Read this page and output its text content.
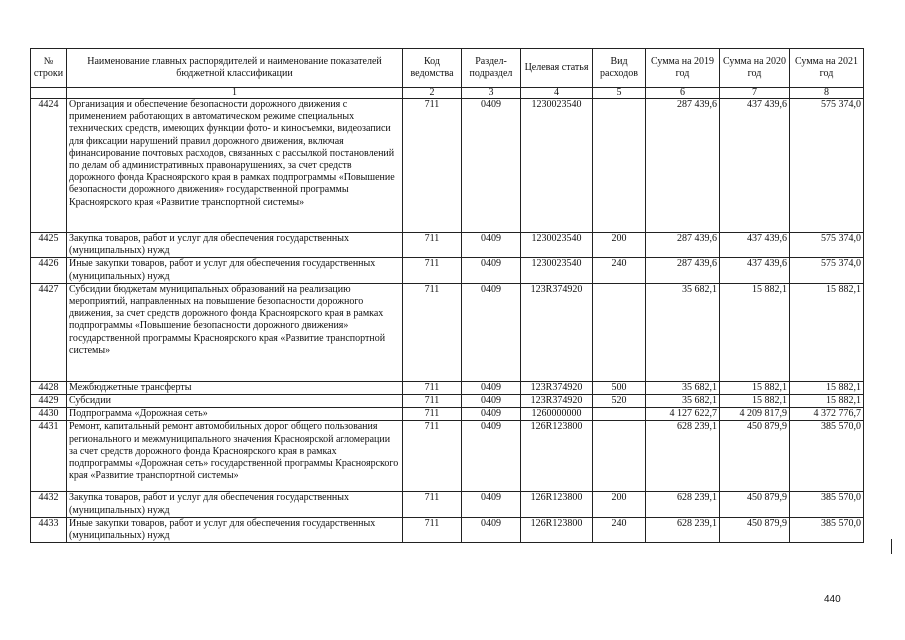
№ строки	Наименование главных распорядителей и наименование показателей бюджетной классификации	Код ведомства	Раздел-подраздел	Целевая статья	Вид расходов	Сумма на 2019 год	Сумма на 2020 год	Сумма на 2021 год
	1	2	3	4	5	6	7	8
4424	Организация и обеспечение безопасности дорожного движения с применением работающих в автоматическом режиме специальных технических средств, имеющих функции фото- и киносъемки, видеозаписи для фиксации нарушений правил дорожного движения, включая финансирование почтовых расходов, связанных с рассылкой постановлений по делам об административных правонарушениях, за счет средств дорожного фонда Красноярского края в рамках подпрограммы «Повышение безопасности дорожного движения» государственной программы Красноярского края «Развитие транспортной системы»	711	0409	1230023540		287 439,6	437 439,6	575 374,0
4425	Закупка товаров, работ и услуг для обеспечения государственных (муниципальных) нужд	711	0409	1230023540	200	287 439,6	437 439,6	575 374,0
4426	Иные закупки товаров, работ и услуг для обеспечения государственных (муниципальных) нужд	711	0409	1230023540	240	287 439,6	437 439,6	575 374,0
4427	Субсидии бюджетам муниципальных образований на реализацию мероприятий, направленных на повышение безопасности дорожного движения, за счет средств дорожного фонда Красноярского края в рамках подпрограммы «Повышение безопасности дорожного движения» государственной программы Красноярского края «Развитие транспортной системы»	711	0409	123R374920		35 682,1	15 882,1	15 882,1
4428	Межбюджетные трансферты	711	0409	123R374920	500	35 682,1	15 882,1	15 882,1
4429	Субсидии	711	0409	123R374920	520	35 682,1	15 882,1	15 882,1
4430	Подпрограмма «Дорожная сеть»	711	0409	1260000000		4 127 622,7	4 209 817,9	4 372 776,7
4431	Ремонт, капитальный ремонт автомобильных дорог общего пользования регионального и межмуниципального значения Красноярской агломерации за счет средств дорожного фонда Красноярского края в рамках подпрограммы «Дорожная сеть» государственной программы Красноярского края «Развитие транспортной системы»	711	0409	126R123800		628 239,1	450 879,9	385 570,0
4432	Закупка товаров, работ и услуг для обеспечения государственных (муниципальных) нужд	711	0409	126R123800	200	628 239,1	450 879,9	385 570,0
4433	Иные закупки товаров, работ и услуг для обеспечения государственных (муниципальных) нужд	711	0409	126R123800	240	628 239,1	450 879,9	385 570,0
440
